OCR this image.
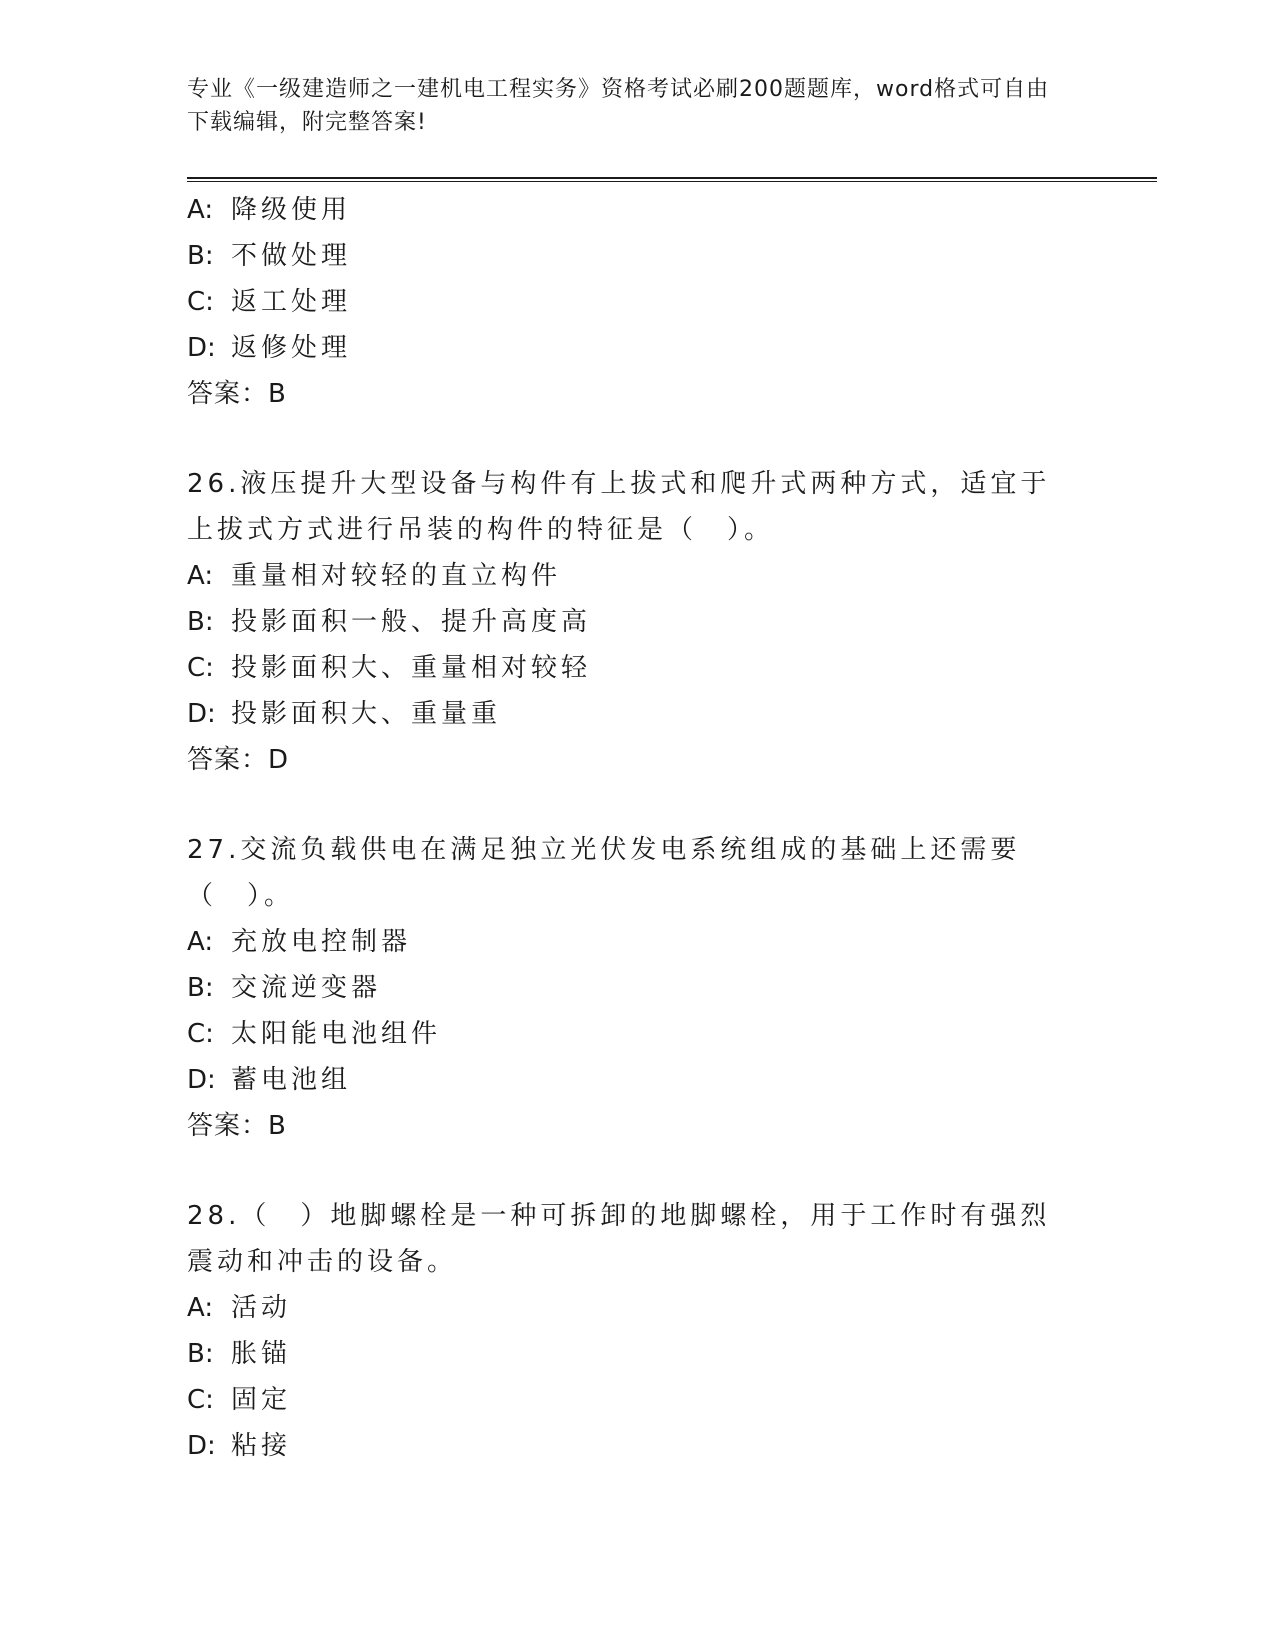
专业《一级建造师之一建机电工程实务》资格考试必刷200题题库，word格式可自由下载编辑，附完整答案!
A: 降级使用
B: 不做处理
C: 返工处理
D: 返修处理
答案：B
26.液压提升大型设备与构件有上拔式和爬升式两种方式，适宜于上拔式方式进行吊装的构件的特征是（　）。
A: 重量相对较轻的直立构件
B: 投影面积一般、提升高度高
C: 投影面积大、重量相对较轻
D: 投影面积大、重量重
答案：D
27.交流负载供电在满足独立光伏发电系统组成的基础上还需要（　）。
A: 充放电控制器
B: 交流逆变器
C: 太阳能电池组件
D: 蓄电池组
答案：B
28.（　）地脚螺栓是一种可拆卸的地脚螺栓，用于工作时有强烈震动和冲击的设备。
A: 活动
B: 胀锚
C: 固定
D: 粘接
